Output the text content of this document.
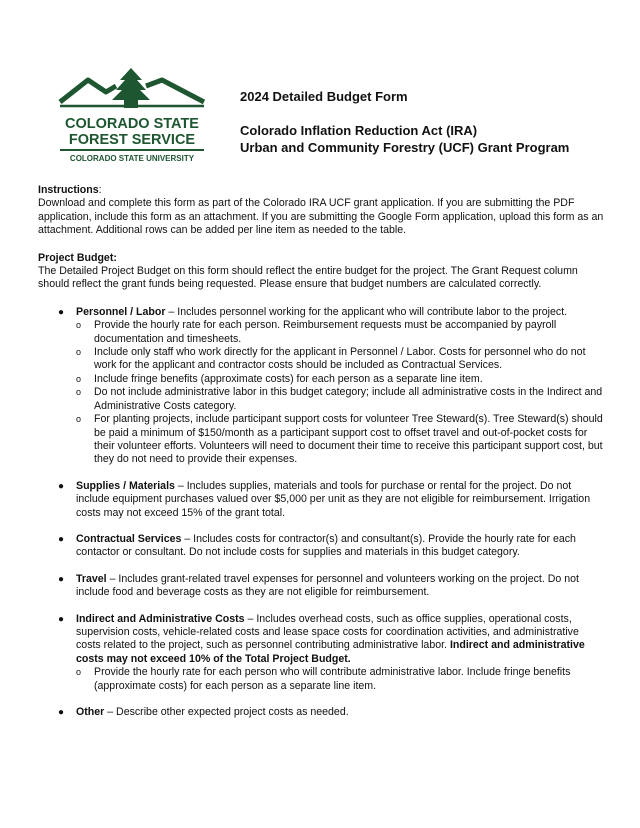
COLORADO STATE
FOREST SERVICE
COLORADO STATE UNIVERSITY
2024 Detailed Budget Form
Colorado Inflation Reduction Act (IRA)
Urban and Community Forestry (UCF) Grant Program

Instructions:

Download and complete this form as part of the Colorado IRA UCF grant application. If you are submitting the PDF application, include this form as an attachment. If you are submitting the Google Form application, upload this form as an attachment. Additional rows can be added per line item as needed to the table.

Project Budget:

The Detailed Project Budget on this form should reflect the entire budget for the project. The Grant Request column should reflect the grant funds being requested. Please ensure that budget numbers are calculated correctly.

● Personnel / Labor – Includes personnel working for the applicant who will contribute labor to the project.

o Provide the hourly rate for each person. Reimbursement requests must be accompanied by payroll documentation and timesheets.
o Include only staff who work directly for the applicant in Personnel / Labor. Costs for personnel who do not work for the applicant and contractor costs should be included as Contractual Services.
o Include fringe benefits (approximate costs) for each person as a separate line item.
o Do not include administrative labor in this budget category; include all administrative costs in the Indirect and Administrative Costs category.
o For planting projects, include participant support costs for volunteer Tree Steward(s). Tree Steward(s) should be paid a minimum of $150/month as a participant support cost to offset travel and out-of-pocket costs for their volunteer efforts. Volunteers will need to document their time to receive this participant support cost, but they do not need to provide their expenses.
● Supplies / Materials – Includes supplies, materials and tools for purchase or rental for the project. Do not include equipment purchases valued over $5,000 per unit as they are not eligible for reimbursement. Irrigation costs may not exceed 15% of the grant total.

● Contractual Services – Includes costs for contractor(s) and consultant(s). Provide the hourly rate for each contactor or consultant. Do not include costs for supplies and materials in this budget category.

● Travel – Includes grant-related travel expenses for personnel and volunteers working on the project. Do not include food and beverage costs as they are not eligible for reimbursement.

● Indirect and Administrative Costs – Includes overhead costs, such as office supplies, operational costs, supervision costs, vehicle-related costs and lease space costs for coordination activities, and administrative costs related to the project, such as personnel contributing administrative labor. Indirect and administrative costs may not exceed 10% of the Total Project Budget.

o Provide the hourly rate for each person who will contribute administrative labor. Include fringe benefits (approximate costs) for each person as a separate line item.
● Other – Describe other expected project costs as needed.
